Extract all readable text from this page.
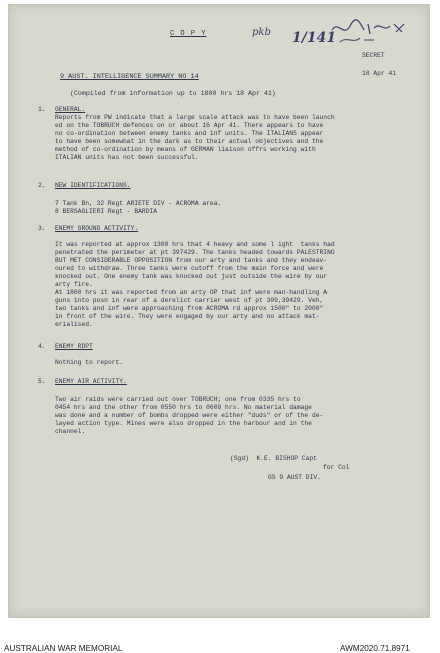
C O P Y	pkb 1/141
SECRET
18 Apr 41
9 AUST. INTELLIGENCE SUMMARY NO 14
(Compiled from information up to 1800 hrs 18 Apr 41)
1. GENERAL.
Reports from PW indicate that a large scale attack was to have been launch
ed on the TOBRUCH defences on or about 16 Apr 41. There appears to have
no co-ordination between enemy tanks and inf units. The ITALIANS appear
to have been somewhat in the dark as to their actual objectives and the
method of co-ordination by means of GERMAN liaison offrs working with
ITALIAN units has not been successful.
2. NEW IDENTIFICATIONS.
7 Tank Bn, 32 Regt ARIETE DIV - ACROMA area.
8 BERSAGLIERI Regt - BARDIA
3. ENEMY GROUND ACTIVITY.
It was reported at approx 1300 hrs that 4 heavy and some l ight  tanks had
penetrated the perimeter at pt 397429. The tanks headed towards PALESTRINO
BUT MET CONSIDERABLE OPPOSITION from our arty and tanks and they endeav-
oured to withdraw. Three tanks were cutoff from the main force and were
knocked out. One enemy tank was knocked out just outside the wire by our
arty fire.
At 1800 hrs it was reported from an arty OP that inf were man-handling A
guns into posn in rear of a derelict carrier west of pt 309,39429. Veh,
two tanks and inf were approaching from ACROMA rd approx 1500" to 2000"
in front of the wire. They were engaged by our arty and no attack mat-
erialised.
4. ENEMY RDPT
Nothing to report.
5. ENEMY AIR ACTIVITY.
Two air raids were carried out over TOBRUCH; one from 0335 hrs to
0454 hrs and the other from 0550 hrs to 0600 hrs. No material damage
was done and a number of bombs dropped were either "duds" or of the de-
layed action type. Mines were also dropped in the harbour and in the
channel.
(Sgd)  K.E. BISHOP Capt
for Col
GS 9 AUST DIV.
AUSTRALIAN WAR MEMORIAL	AWM2020.71.8971
